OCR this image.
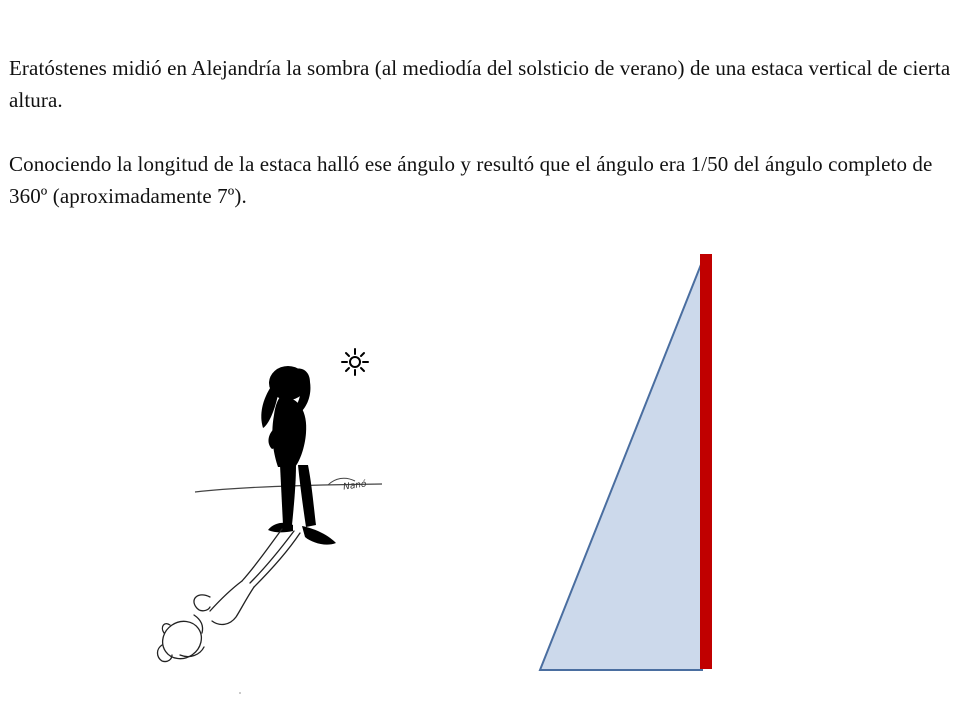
Eratóstenes midió en Alejandría la sombra (al mediodía del solsticio de verano) de una estaca vertical de cierta altura.

Conociendo la longitud de la estaca halló ese ángulo y resultó que el ángulo era 1/50 del ángulo completo de 360º (aproximadamente 7º).

Nanó
